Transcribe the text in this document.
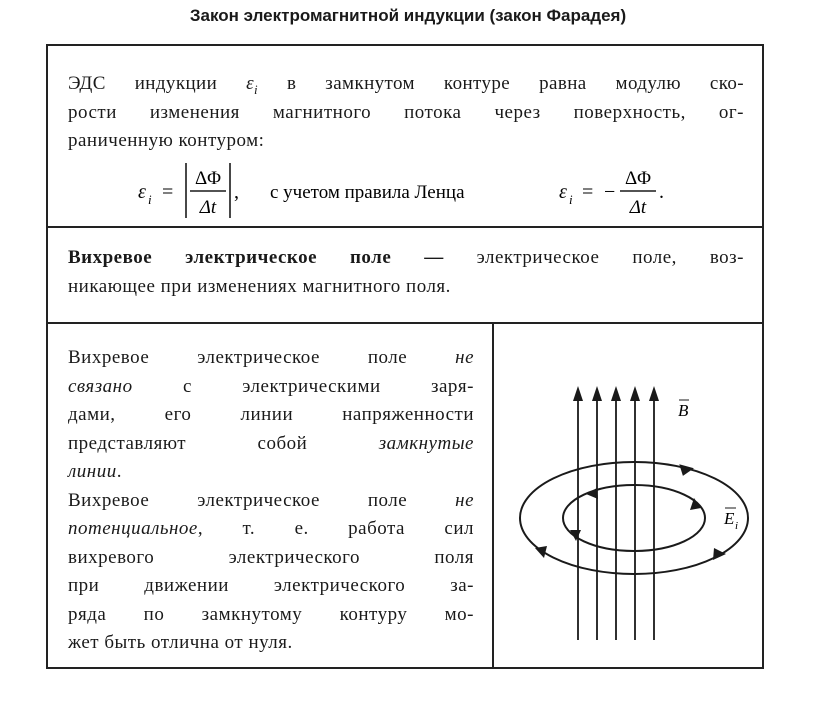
Закон электромагнитной индукции (закон Фарадея)
ЭДС индукции $\varepsilon_i$ в замкнутом контуре равна модулю ско-
рости изменения магнитного потока через поверхность, ог-
раниченную контуром:
ε i =
ΔΦ
Δt
, с учетом правила Ленца	ε i = −
ΔΦ
Δt
.
Вихревое электрическое поле — электрическое поле, воз-
никающее при изменениях магнитного поля.
Вихревое электрическое поле не
связано с электрическими заря-
дами, его линии напряженности
представляют собой замкнутые
линии.
Вихревое электрическое поле не
потенциальное, т. е. работа сил
вихревого электрического поля
при движении электрического за-
ряда по замкнутому контуру мо-
жет быть отлична от нуля.
B
E i
